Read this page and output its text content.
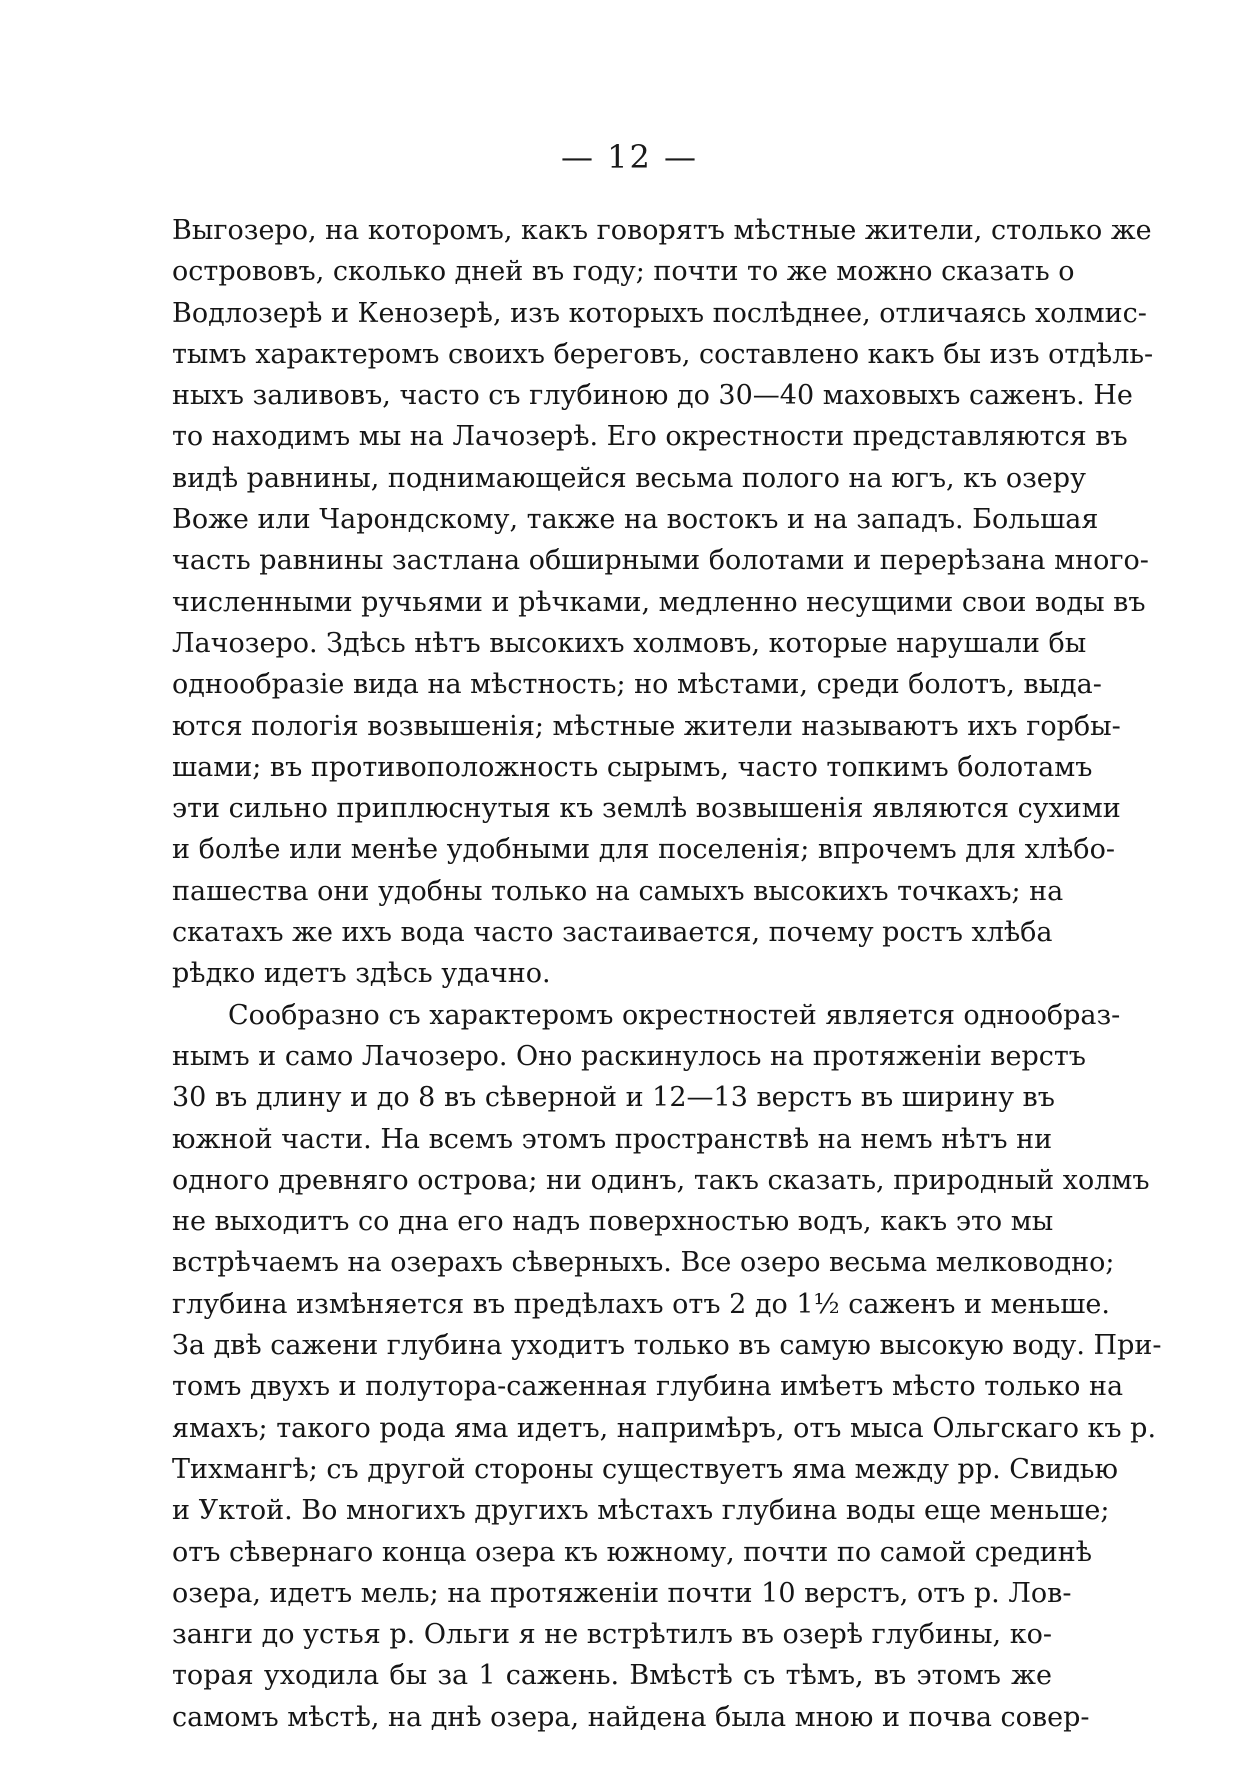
— 12 —
Выгозеро, на которомъ, какъ говорятъ мѣстные жители, столько же
острововъ, сколько дней въ году; почти то же можно сказать о
Водлозерѣ и Кенозерѣ, изъ которыхъ послѣднее, отличаясь холмис-
тымъ характеромъ своихъ береговъ, составлено какъ бы изъ отдѣль-
ныхъ заливовъ, часто съ глубиною до 30—40 маховыхъ саженъ. Не
то находимъ мы на Лачозерѣ. Его окрестности представляются въ
видѣ равнины, поднимающейся весьма полого на югъ, къ озеру
Воже или Чарондскому, также на востокъ и на западъ. Большая
часть равнины застлана обширными болотами и перерѣзана много-
численными ручьями и рѣчками, медленно несущими свои воды въ
Лачозеро. Здѣсь нѣтъ высокихъ холмовъ, которые нарушали бы
однообразіе вида на мѣстность; но мѣстами, среди болотъ, выда-
ются пологія возвышенія; мѣстные жители называютъ ихъ горбы-
шами; въ противоположность сырымъ, часто топкимъ болотамъ
эти сильно приплюснутыя къ землѣ возвышенія являются сухими
и болѣе или менѣе удобными для поселенія; впрочемъ для хлѣбо-
пашества они удобны только на самыхъ высокихъ точкахъ; на
скатахъ же ихъ вода часто застаивается, почему ростъ хлѣба
рѣдко идетъ здѣсь удачно.
Сообразно съ характеромъ окрестностей является однообраз-
нымъ и само Лачозеро. Оно раскинулось на протяженіи верстъ
30 въ длину и до 8 въ сѣверной и 12—13 верстъ въ ширину въ
южной части. На всемъ этомъ пространствѣ на немъ нѣтъ ни
одного древняго острова; ни одинъ, такъ сказать, природный холмъ
не выходитъ со дна его надъ поверхностью водъ, какъ это мы
встрѣчаемъ на озерахъ сѣверныхъ. Все озеро весьма мелководно;
глубина измѣняется въ предѣлахъ отъ 2 до 1½ саженъ и меньше.
За двѣ сажени глубина уходитъ только въ самую высокую воду. При-
томъ двухъ и полутора-саженная глубина имѣетъ мѣсто только на
ямахъ; такого рода яма идетъ, напримѣръ, отъ мыса Ольгскаго къ р.
Тихмангѣ; съ другой стороны существуетъ яма между рр. Свидью
и Уктой. Во многихъ другихъ мѣстахъ глубина воды еще меньше;
отъ сѣвернаго конца озера къ южному, почти по самой срединѣ
озера, идетъ мель; на протяженіи почти 10 верстъ, отъ р. Лов-
занги до устья р. Ольги я не встрѣтилъ въ озерѣ глубины, ко-
торая уходила бы за 1 сажень. Вмѣстѣ съ тѣмъ, въ этомъ же
самомъ мѣстѣ, на днѣ озера, найдена была мною и почва совер-
